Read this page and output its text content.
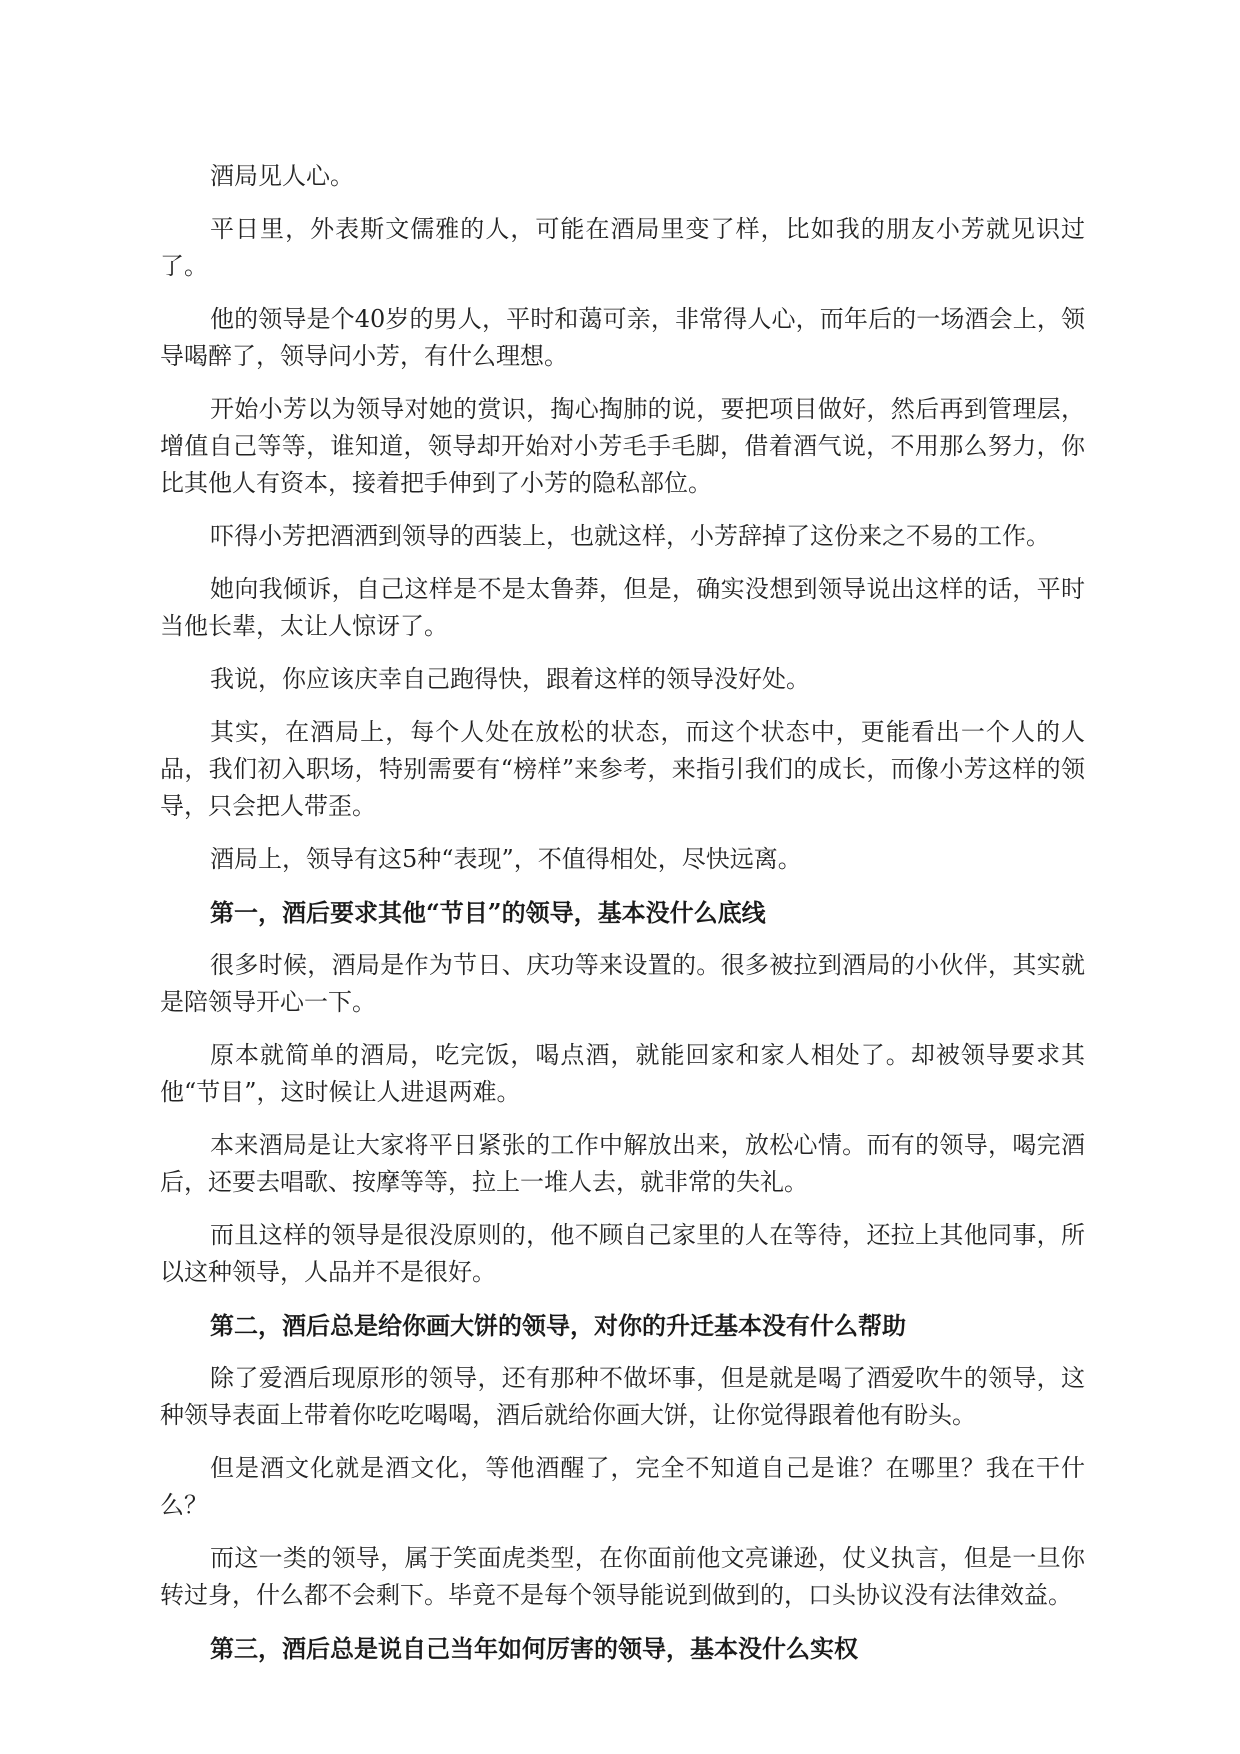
酒局见人心。

平日里，外表斯文儒雅的人，可能在酒局里变了样，比如我的朋友小芳就见识过了。

他的领导是个40岁的男人，平时和蔼可亲，非常得人心，而年后的一场酒会上，领导喝醉了，领导问小芳，有什么理想。

开始小芳以为领导对她的赏识，掏心掏肺的说，要把项目做好，然后再到管理层，增值自己等等，谁知道，领导却开始对小芳毛手毛脚，借着酒气说，不用那么努力，你比其他人有资本，接着把手伸到了小芳的隐私部位。

吓得小芳把酒洒到领导的西装上，也就这样，小芳辞掉了这份来之不易的工作。

她向我倾诉，自己这样是不是太鲁莽，但是，确实没想到领导说出这样的话，平时当他长辈，太让人惊讶了。

我说，你应该庆幸自己跑得快，跟着这样的领导没好处。

其实，在酒局上，每个人处在放松的状态，而这个状态中，更能看出一个人的人品，我们初入职场，特别需要有“榜样”来参考，来指引我们的成长，而像小芳这样的领导，只会把人带歪。

酒局上，领导有这5种“表现”，不值得相处，尽快远离。

第一，酒后要求其他“节目”的领导，基本没什么底线

很多时候，酒局是作为节日、庆功等来设置的。很多被拉到酒局的小伙伴，其实就是陪领导开心一下。

原本就简单的酒局，吃完饭，喝点酒，就能回家和家人相处了。却被领导要求其他“节目”，这时候让人进退两难。

本来酒局是让大家将平日紧张的工作中解放出来，放松心情。而有的领导，喝完酒后，还要去唱歌、按摩等等，拉上一堆人去，就非常的失礼。

而且这样的领导是很没原则的，他不顾自己家里的人在等待，还拉上其他同事，所以这种领导，人品并不是很好。

第二，酒后总是给你画大饼的领导，对你的升迁基本没有什么帮助

除了爱酒后现原形的领导，还有那种不做坏事，但是就是喝了酒爱吹牛的领导，这种领导表面上带着你吃吃喝喝，酒后就给你画大饼，让你觉得跟着他有盼头。

但是酒文化就是酒文化，等他酒醒了，完全不知道自己是谁？在哪里？我在干什么？

而这一类的领导，属于笑面虎类型，在你面前他文亮谦逊，仗义执言，但是一旦你转过身，什么都不会剩下。毕竟不是每个领导能说到做到的，口头协议没有法律效益。

第三，酒后总是说自己当年如何厉害的领导，基本没什么实权
